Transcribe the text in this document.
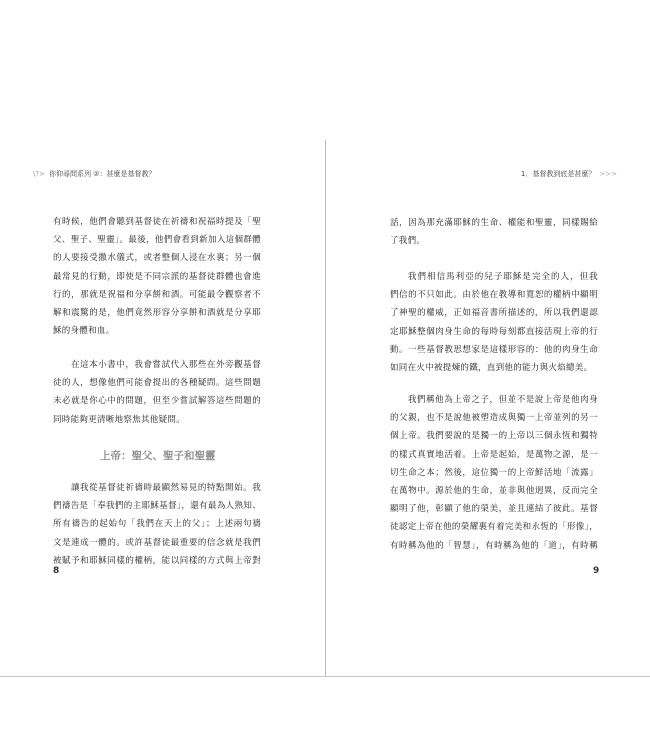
\?> 你仰尋問系列 ②：甚麼是基督教？
有時候，他們會聽到基督徒在祈禱和祝福時提及「聖
父、聖子、聖靈」。最後，他們會看到新加入這個群體
的人要接受撒水儀式，或者整個人浸在水裏；另一個
最常見的行動，即使是不同宗派的基督徒群體也會進
行的，那就是祝福和分享餅和酒。可能最令觀察者不
解和震驚的是，他們竟然形容分享餅和酒就是分享耶
穌的身體和血。
在這本小書中，我會嘗試代入那些在外旁觀基督
徒的人，想像他們可能會提出的各種疑問。這些問題
未必就是你心中的問題，但至少嘗試解答這些問題的
同時能夠更清晰地察焦其他疑問。
上帝：聖父、聖子和聖靈
讓我從基督徒祈禱時最顯然易見的特點開始。我
們禱告是「奉我們的主耶穌基督」，還有最為人熟知、
所有禱告的起始句「我們在天上的父」；上述兩句禱
文是連成一體的。或許基督徒最重要的信念就是我們
被賦予和耶穌同樣的權柄，能以同樣的方式與上帝對
8
1．基督教到底是甚麼？ >>>
話，因為那充滿耶穌的生命、權能和聖靈，同樣賜給
了我們。
我們相信馬利亞的兒子耶穌是完全的人，但我
們信的不只如此。由於他在教導和寬恕的權柄中顯明
了神聖的權威，正如福音書所描述的，所以我們還認
定耶穌整個肉身生命的每時每刻都直接活現上帝的行
動。一些基督教思想家是這樣形容的：他的肉身生命
如同在火中被提煉的鐵，直到他的能力與火焰總美。
我們稱他為上帝之子，但並不是說上帝是他肉身
的父親，也不是說他被塑造成與獨一上帝並列的另一
個上帝。我們要說的是獨一的上帝以三個永恆和獨特
的樣式真實地活着。上帝是起始，是萬物之源，是一
切生命之本；然後，這位獨一的上帝鮮活地「流露」
在萬物中。源於他的生命，並非與他迥異，反而完全
顯明了他，彰顯了他的榮美，並且連結了彼此。基督
徒認定上帝在他的榮耀裏有着完美和永恆的「形像」，
有時稱為他的「智慧」，有時稱為他的「道」，有時稱
9
